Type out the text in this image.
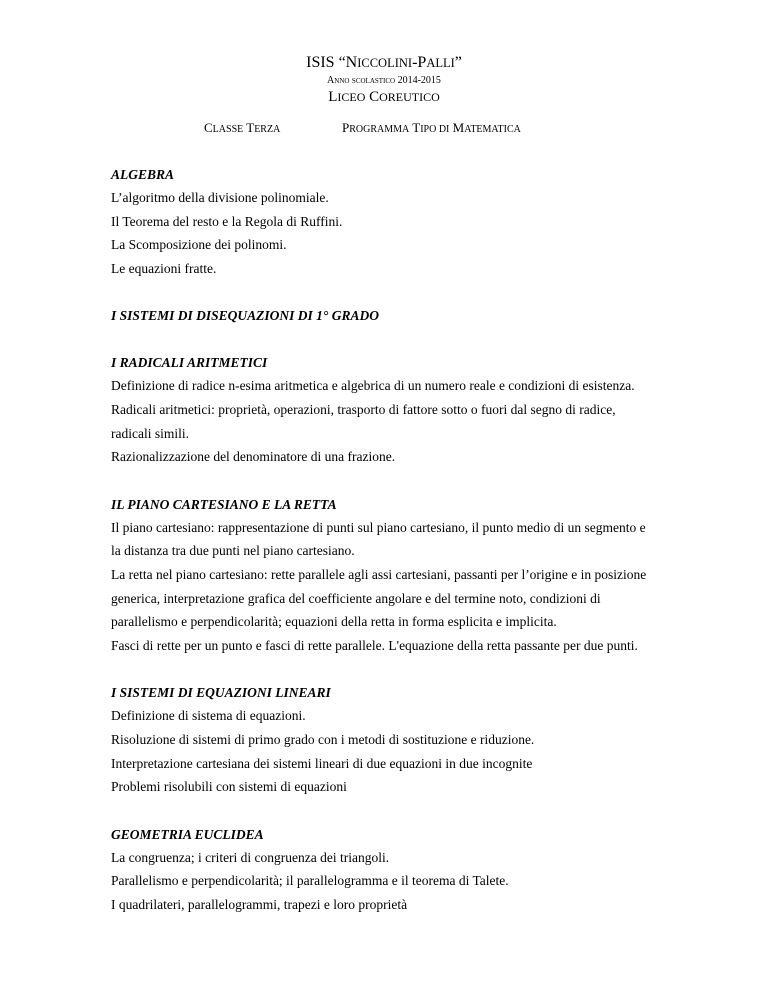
ISIS “NICCOLINI-PALLI”
Anno scolastico 2014-2015
LICEO COREUTICO
CLASSE TERZA	PROGRAMMA TIPO DI MATEMATICA
ALGEBRA
L’algoritmo della divisione polinomiale.
Il Teorema del resto e la Regola di Ruffini.
La Scomposizione dei polinomi.
Le equazioni fratte.
I SISTEMI DI DISEQUAZIONI DI 1° GRADO
I RADICALI ARITMETICI
Definizione di radice n-esima aritmetica e algebrica di un numero reale e condizioni di esistenza.
Radicali aritmetici: proprietà, operazioni, trasporto di fattore sotto o fuori dal segno di radice,
radicali simili.
Razionalizzazione del denominatore di una frazione.
IL PIANO CARTESIANO E LA RETTA
Il piano cartesiano: rappresentazione di punti sul piano cartesiano, il punto medio di un segmento e
la distanza tra due punti nel piano cartesiano.
La retta nel piano cartesiano: rette parallele agli assi cartesiani, passanti per l’origine e in posizione
generica, interpretazione grafica del coefficiente angolare e del termine noto, condizioni di
parallelismo e perpendicolarità; equazioni della retta in forma esplicita e implicita.
Fasci di rette per un punto e fasci di rette parallele. L'equazione della retta passante per due punti.
I SISTEMI DI EQUAZIONI LINEARI
Definizione di sistema di equazioni.
Risoluzione di sistemi di primo grado con i metodi di sostituzione e riduzione.
Interpretazione cartesiana dei sistemi lineari di due equazioni in due incognite
Problemi risolubili con sistemi di equazioni
GEOMETRIA EUCLIDEA
La congruenza; i criteri di congruenza dei triangoli.
Parallelismo e perpendicolarità; il parallelogramma e il teorema di Talete.
I quadrilateri, parallelogrammi, trapezi e loro proprietà
